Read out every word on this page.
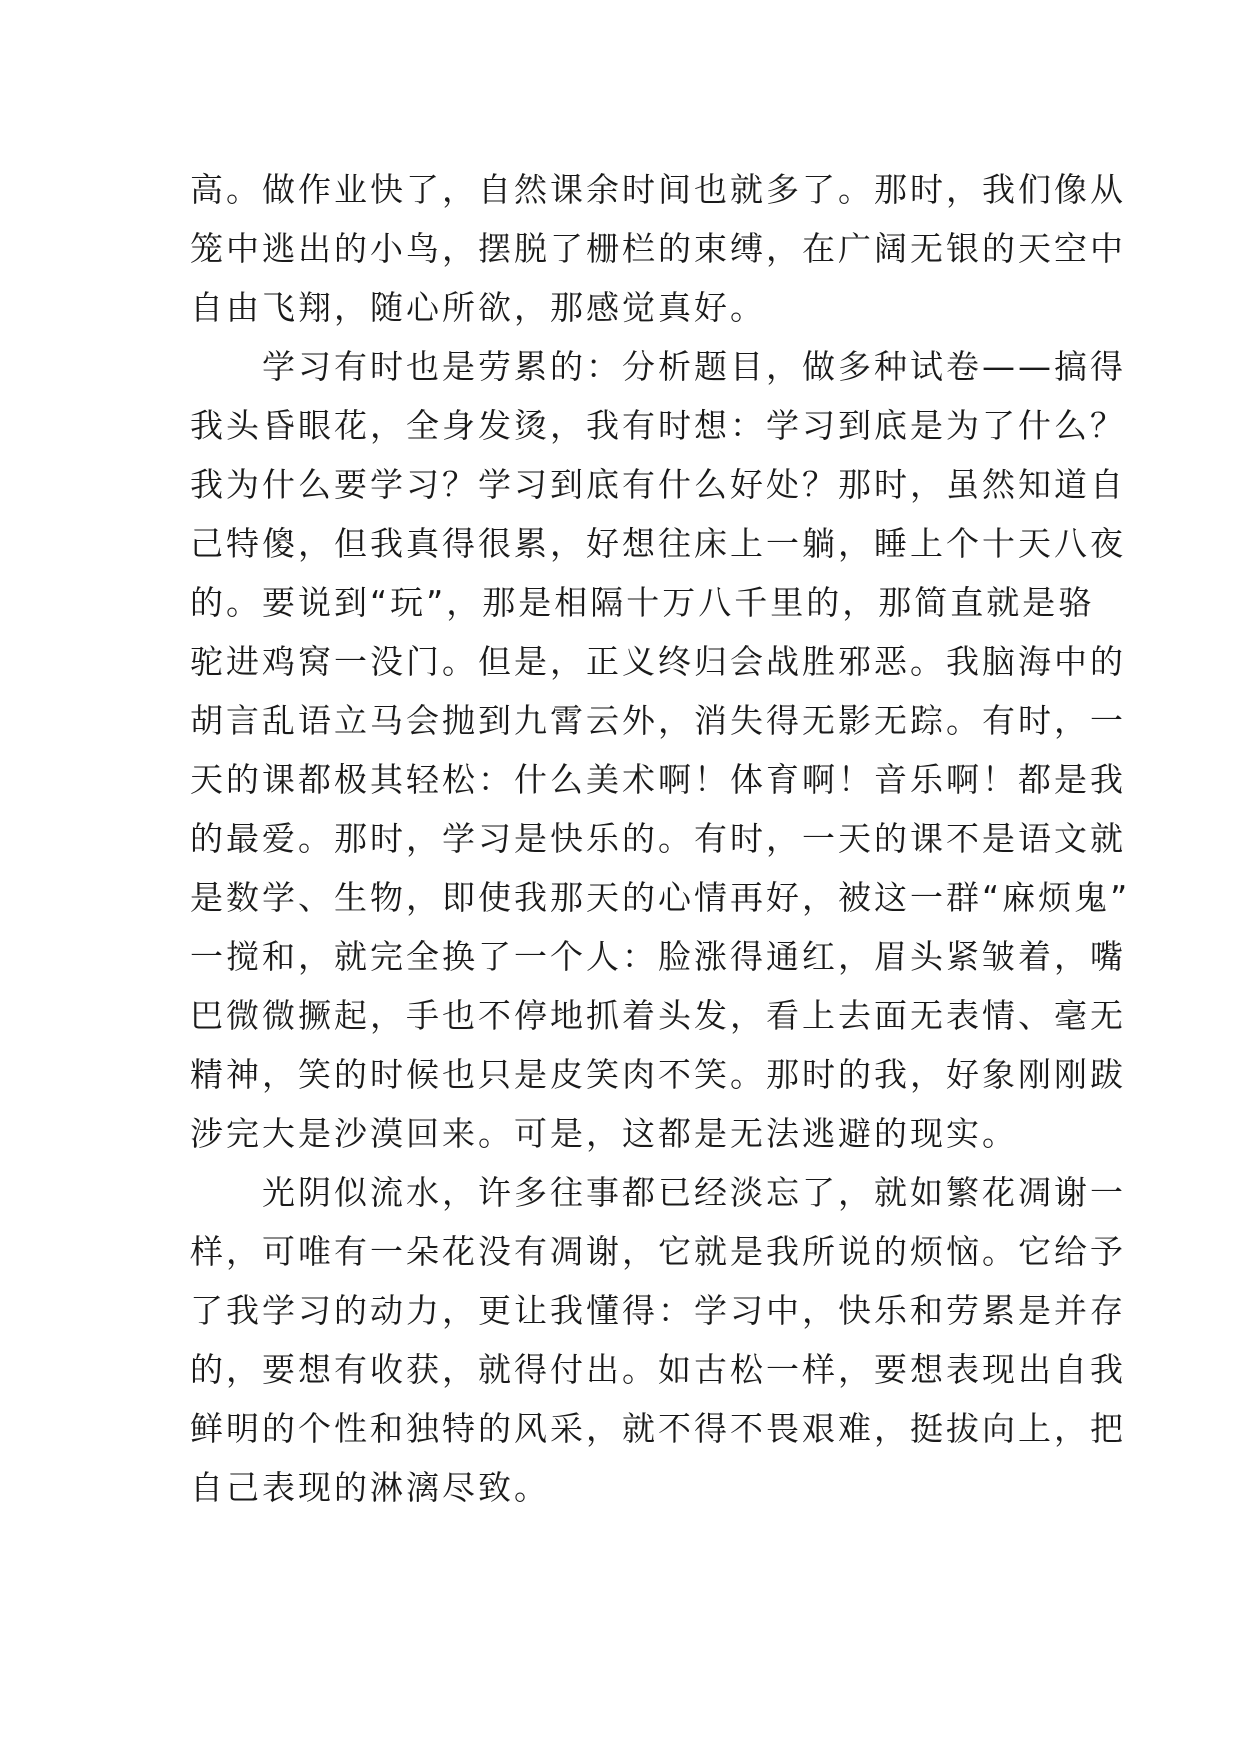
高。做作业快了，自然课余时间也就多了。那时，我们像从
笼中逃出的小鸟，摆脱了栅栏的束缚，在广阔无银的天空中
自由飞翔，随心所欲，那感觉真好。
　　学习有时也是劳累的：分析题目，做多种试卷——搞得
我头昏眼花，全身发烫，我有时想：学习到底是为了什么？
我为什么要学习？学习到底有什么好处？那时，虽然知道自
己特傻，但我真得很累，好想往床上一躺，睡上个十天八夜
的。要说到“玩”，那是相隔十万八千里的，那简直就是骆
驼进鸡窝一没门。但是，正义终归会战胜邪恶。我脑海中的
胡言乱语立马会抛到九霄云外，消失得无影无踪。有时，一
天的课都极其轻松：什么美术啊！体育啊！音乐啊！都是我
的最爱。那时，学习是快乐的。有时，一天的课不是语文就
是数学、生物，即使我那天的心情再好，被这一群“麻烦鬼”
一搅和，就完全换了一个人：脸涨得通红，眉头紧皱着，嘴
巴微微撅起，手也不停地抓着头发，看上去面无表情、毫无
精神，笑的时候也只是皮笑肉不笑。那时的我，好象刚刚跋
涉完大是沙漠回来。可是，这都是无法逃避的现实。
　　光阴似流水，许多往事都已经淡忘了，就如繁花凋谢一
样，可唯有一朵花没有凋谢，它就是我所说的烦恼。它给予
了我学习的动力，更让我懂得：学习中，快乐和劳累是并存
的，要想有收获，就得付出。如古松一样，要想表现出自我
鲜明的个性和独特的风采，就不得不畏艰难，挺拔向上，把
自己表现的淋漓尽致。
